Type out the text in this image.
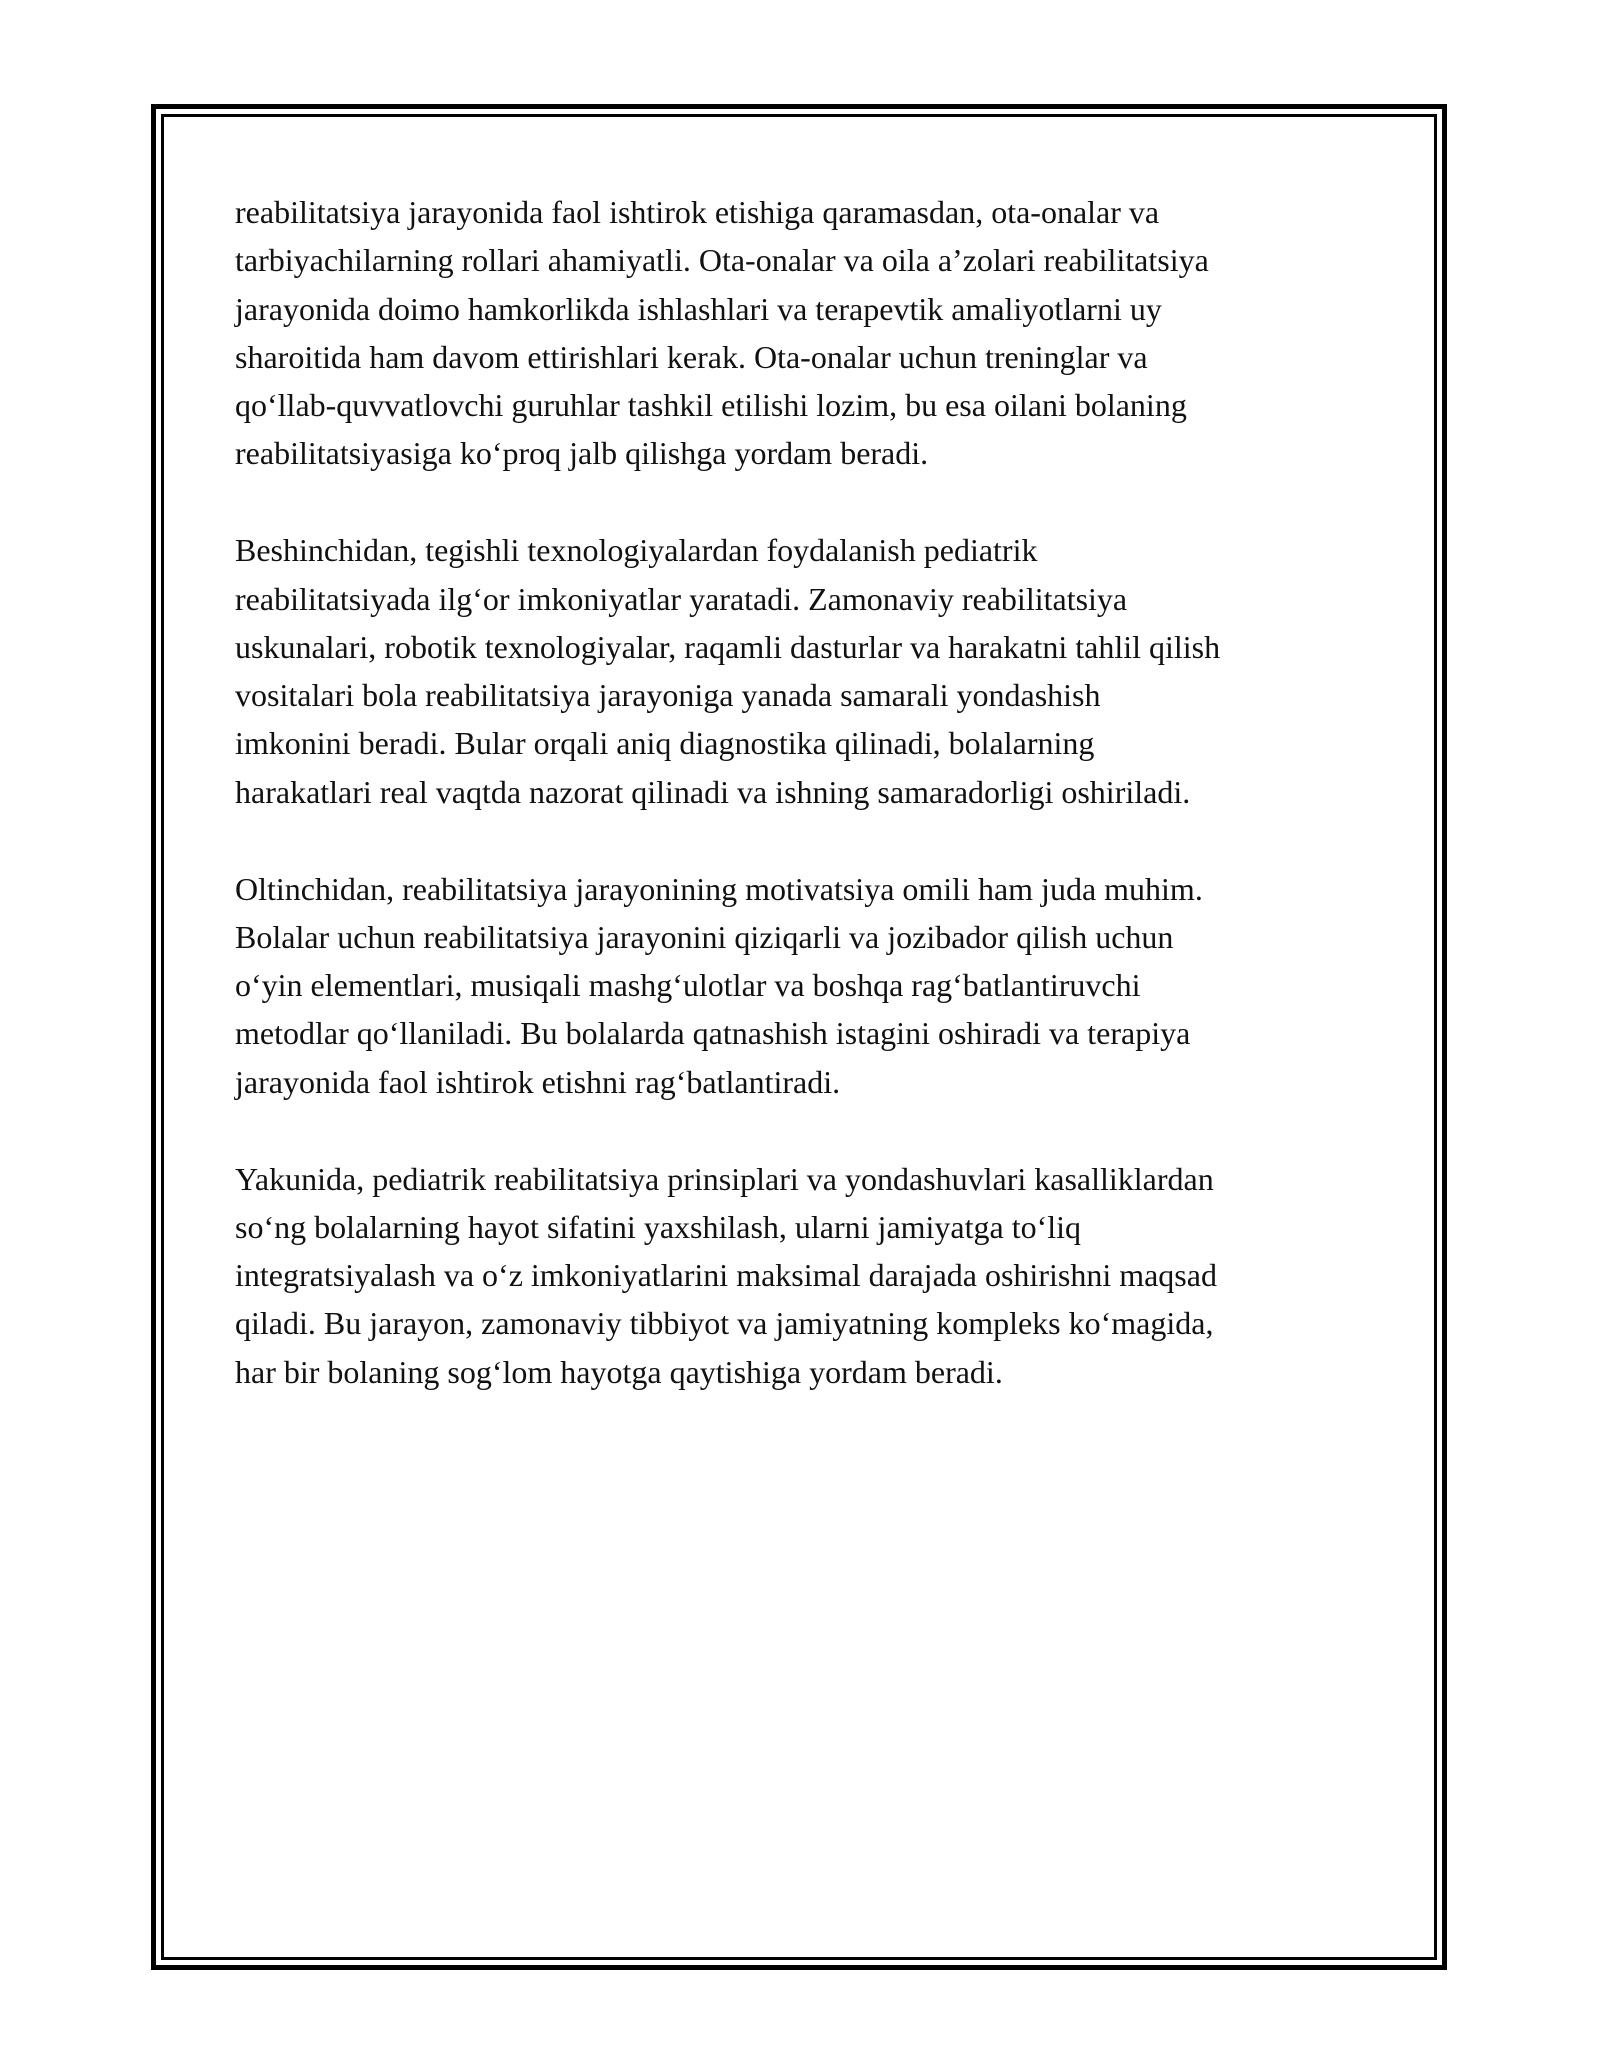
reabilitatsiya jarayonida faol ishtirok etishiga qaramasdan, ota-onalar va
tarbiyachilarning rollari ahamiyatli. Ota-onalar va oila a’zolari reabilitatsiya
jarayonida doimo hamkorlikda ishlashlari va terapevtik amaliyotlarni uy
sharoitida ham davom ettirishlari kerak. Ota-onalar uchun treninglar va
qo‘llab-quvvatlovchi guruhlar tashkil etilishi lozim, bu esa oilani bolaning
reabilitatsiyasiga ko‘proq jalb qilishga yordam beradi.
Beshinchidan, tegishli texnologiyalardan foydalanish pediatrik
reabilitatsiyada ilg‘or imkoniyatlar yaratadi. Zamonaviy reabilitatsiya
uskunalari, robotik texnologiyalar, raqamli dasturlar va harakatni tahlil qilish
vositalari bola reabilitatsiya jarayoniga yanada samarali yondashish
imkonini beradi. Bular orqali aniq diagnostika qilinadi, bolalarning
harakatlari real vaqtda nazorat qilinadi va ishning samaradorligi oshiriladi.
Oltinchidan, reabilitatsiya jarayonining motivatsiya omili ham juda muhim.
Bolalar uchun reabilitatsiya jarayonini qiziqarli va jozibador qilish uchun
o‘yin elementlari, musiqali mashg‘ulotlar va boshqa rag‘batlantiruvchi
metodlar qo‘llaniladi. Bu bolalarda qatnashish istagini oshiradi va terapiya
jarayonida faol ishtirok etishni rag‘batlantiradi.
Yakunida, pediatrik reabilitatsiya prinsiplari va yondashuvlari kasalliklardan
so‘ng bolalarning hayot sifatini yaxshilash, ularni jamiyatga to‘liq
integratsiyalash va o‘z imkoniyatlarini maksimal darajada oshirishni maqsad
qiladi. Bu jarayon, zamonaviy tibbiyot va jamiyatning kompleks ko‘magida,
har bir bolaning sog‘lom hayotga qaytishiga yordam beradi.
